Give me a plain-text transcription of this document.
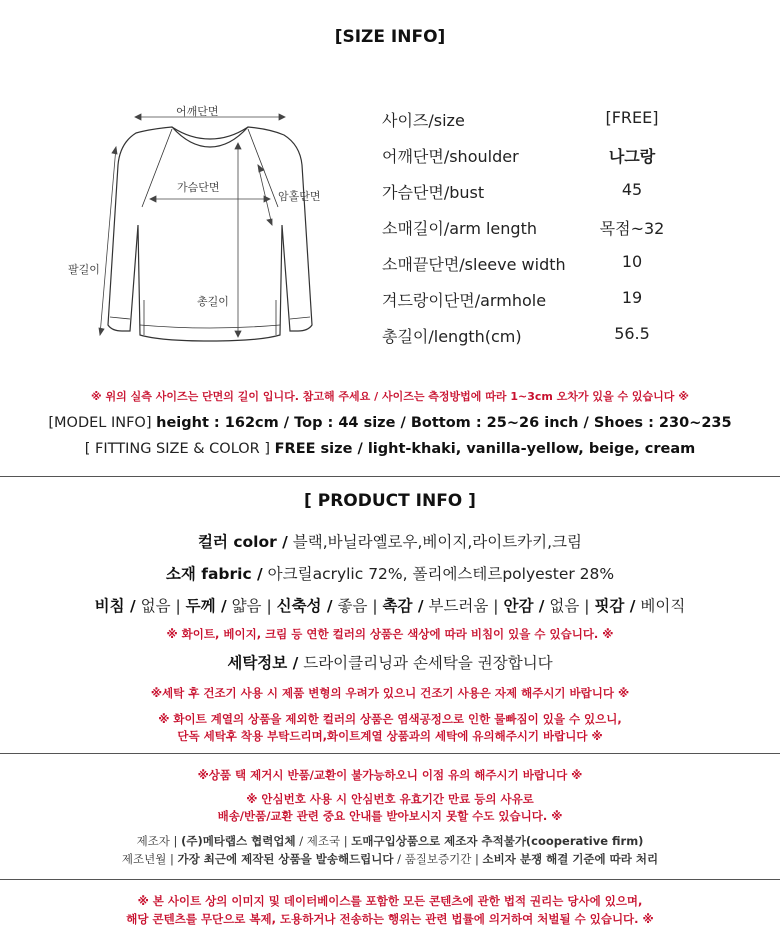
[SIZE INFO]
어깨단면
가슴단면
암홀단면
팔길이
총길이
사이즈/size	[FREE]
어깨단면/shoulder	나그랑
가슴단면/bust	45
소매길이/arm length	목점~32
소매끝단면/sleeve width	10
겨드랑이단면/armhole	19
총길이/length(cm)	56.5
※ 위의 실측 사이즈는 단면의 길이 입니다. 참고해 주세요 / 사이즈는 측정방법에 따라 1~3cm 오차가 있을 수 있습니다 ※
[MODEL INFO] height : 162cm / Top : 44 size / Bottom : 25~26 inch / Shoes : 230~235
[ FITTING SIZE & COLOR ] FREE size / light-khaki, vanilla-yellow, beige, cream
[ PRODUCT INFO ]
컬러 color / 블랙,바닐라옐로우,베이지,라이트카키,크림
소재 fabric / 아크릴acrylic 72%, 폴리에스테르polyester 28%
비침 / 없음 | 두께 / 얇음 | 신축성 / 좋음 | 촉감 / 부드러움 | 안감 / 없음 | 핏감 / 베이직
※ 화이트, 베이지, 크림 등 연한 컬러의 상품은 색상에 따라 비침이 있을 수 있습니다. ※
세탁정보 / 드라이클리닝과 손세탁을 권장합니다
※세탁 후 건조기 사용 시 제품 변형의 우려가 있으니 건조기 사용은 자제 해주시기 바랍니다 ※
※ 화이트 계열의 상품을 제외한 컬러의 상품은 염색공정으로 인한 물빠짐이 있을 수 있으니,
단독 세탁후 착용 부탁드리며,화이트계열 상품과의 세탁에 유의해주시기 바랍니다 ※
※상품 택 제거시 반품/교환이 불가능하오니 이점 유의 해주시기 바랍니다 ※
※ 안심번호 사용 시 안심번호 유효기간 만료 등의 사유로
배송/반품/교환 관련 중요 안내를 받아보시지 못할 수도 있습니다. ※
제조자 | (주)메타랩스 협력업체 / 제조국 | 도매구입상품으로 제조자 추적불가(cooperative firm)
제조년월 | 가장 최근에 제작된 상품을 발송해드립니다 / 품질보증기간 | 소비자 분쟁 해결 기준에 따라 처리
※ 본 사이트 상의 이미지 및 데이터베이스를 포함한 모든 콘텐츠에 관한 법적 권리는 당사에 있으며,
해당 콘텐츠를 무단으로 복제, 도용하거나 전송하는 행위는 관련 법률에 의거하여 처벌될 수 있습니다. ※
